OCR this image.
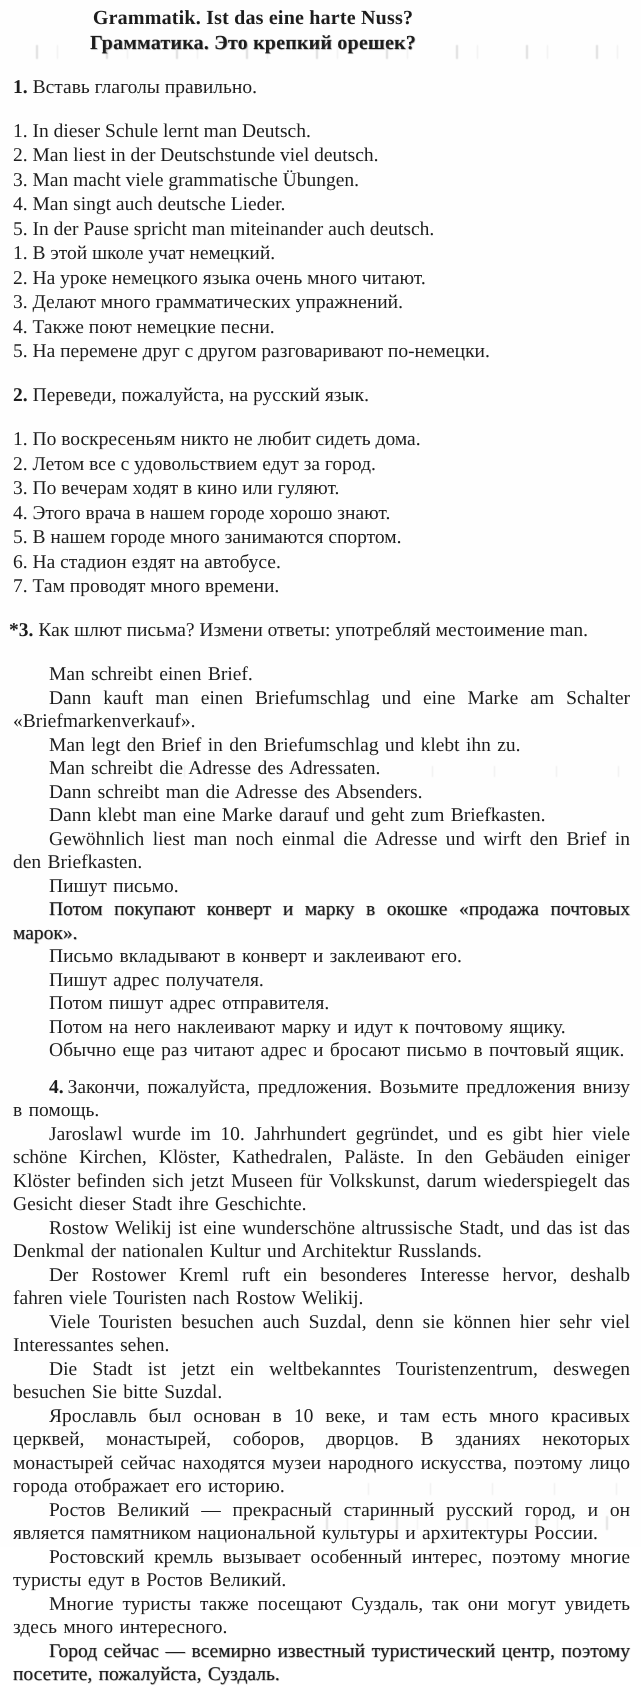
Grammatik. Ist das eine harte Nuss?
Грамматика. Это крепкий орешек?

1. Вставь глаголы правильно.

1. In dieser Schule lernt man Deutsch.
2. Man liest in der Deutschstunde viel deutsch.
3. Man macht viele grammatische Übungen.
4. Man singt auch deutsche Lieder.
5. In der Pause spricht man miteinander auch deutsch.
1. В этой школе учат немецкий.
2. На уроке немецкого языка очень много читают.
3. Делают много грамматических упражнений.
4. Также поют немецкие песни.
5. На перемене друг с другом разговаривают по-немецки.

2. Переведи, пожалуйста, на русский язык.

1. По воскресеньям никто не любит сидеть дома.
2. Летом все с удовольствием едут за город.
3. По вечерам ходят в кино или гуляют.
4. Этого врача в нашем городе хорошо знают.
5. В нашем городе много занимаются спортом.
6. На стадион ездят на автобусе.
7. Там проводят много времени.

*3. Как шлют письма? Измени ответы: употребляй местоимение man.

Man schreibt einen Brief.

Dann kauft man einen Briefumschlag und eine Marke am Schalter «Briefmarkenverkauf».

Man legt den Brief in den Briefumschlag und klebt ihn zu.

Man schreibt die Adresse des Adressaten.

Dann schreibt man die Adresse des Absenders.

Dann klebt man eine Marke darauf und geht zum Briefkasten.

Gewöhnlich liest man noch einmal die Adresse und wirft den Brief in den Briefkasten.

Пишут письмо.

Потом покупают конверт и марку в окошке «продажа почтовых марок».

Письмо вкладывают в конверт и заклеивают его.

Пишут адрес получателя.

Потом пишут адрес отправителя.

Потом на него наклеивают марку и идут к почтовому ящику.

Обычно еще раз читают адрес и бросают письмо в почтовый ящик.

4. Закончи, пожалуйста, предложения. Возьмите предложения внизу в помощь.

Jaroslawl wurde im 10. Jahrhundert gegründet, und es gibt hier viele schöne Kirchen, Klöster, Kathedralen, Paläste. In den Gebäuden einiger Klöster befinden sich jetzt Museen für Volkskunst, darum wiederspiegelt das Gesicht dieser Stadt ihre Geschichte.

Rostow Welikij ist eine wunderschöne altrussische Stadt, und das ist das Denkmal der nationalen Kultur und Architektur Russlands.

Der Rostower Kreml ruft ein besonderes Interesse hervor, deshalb fahren viele Touristen nach Rostow Welikij.

Viele Touristen besuchen auch Suzdal, denn sie können hier sehr viel Interessantes sehen.

Die Stadt ist jetzt ein weltbekanntes Touristenzentrum, deswegen besuchen Sie bitte Suzdal.

Ярославль был основан в 10 веке, и там есть много красивых церквей, монастырей, соборов, дворцов. В зданиях некоторых монастырей сейчас находятся музеи народного искусства, поэтому лицо города отображает его историю.

Ростов Великий — прекрасный старинный русский город, и он является памятником национальной культуры и архитектуры России.

Ростовский кремль вызывает особенный интерес, поэтому многие туристы едут в Ростов Великий.

Многие туристы также посещают Суздаль, так они могут увидеть здесь много интересного.

Город сейчас — всемирно известный туристический центр, поэтому посетите, пожалуйста, Суздаль.
